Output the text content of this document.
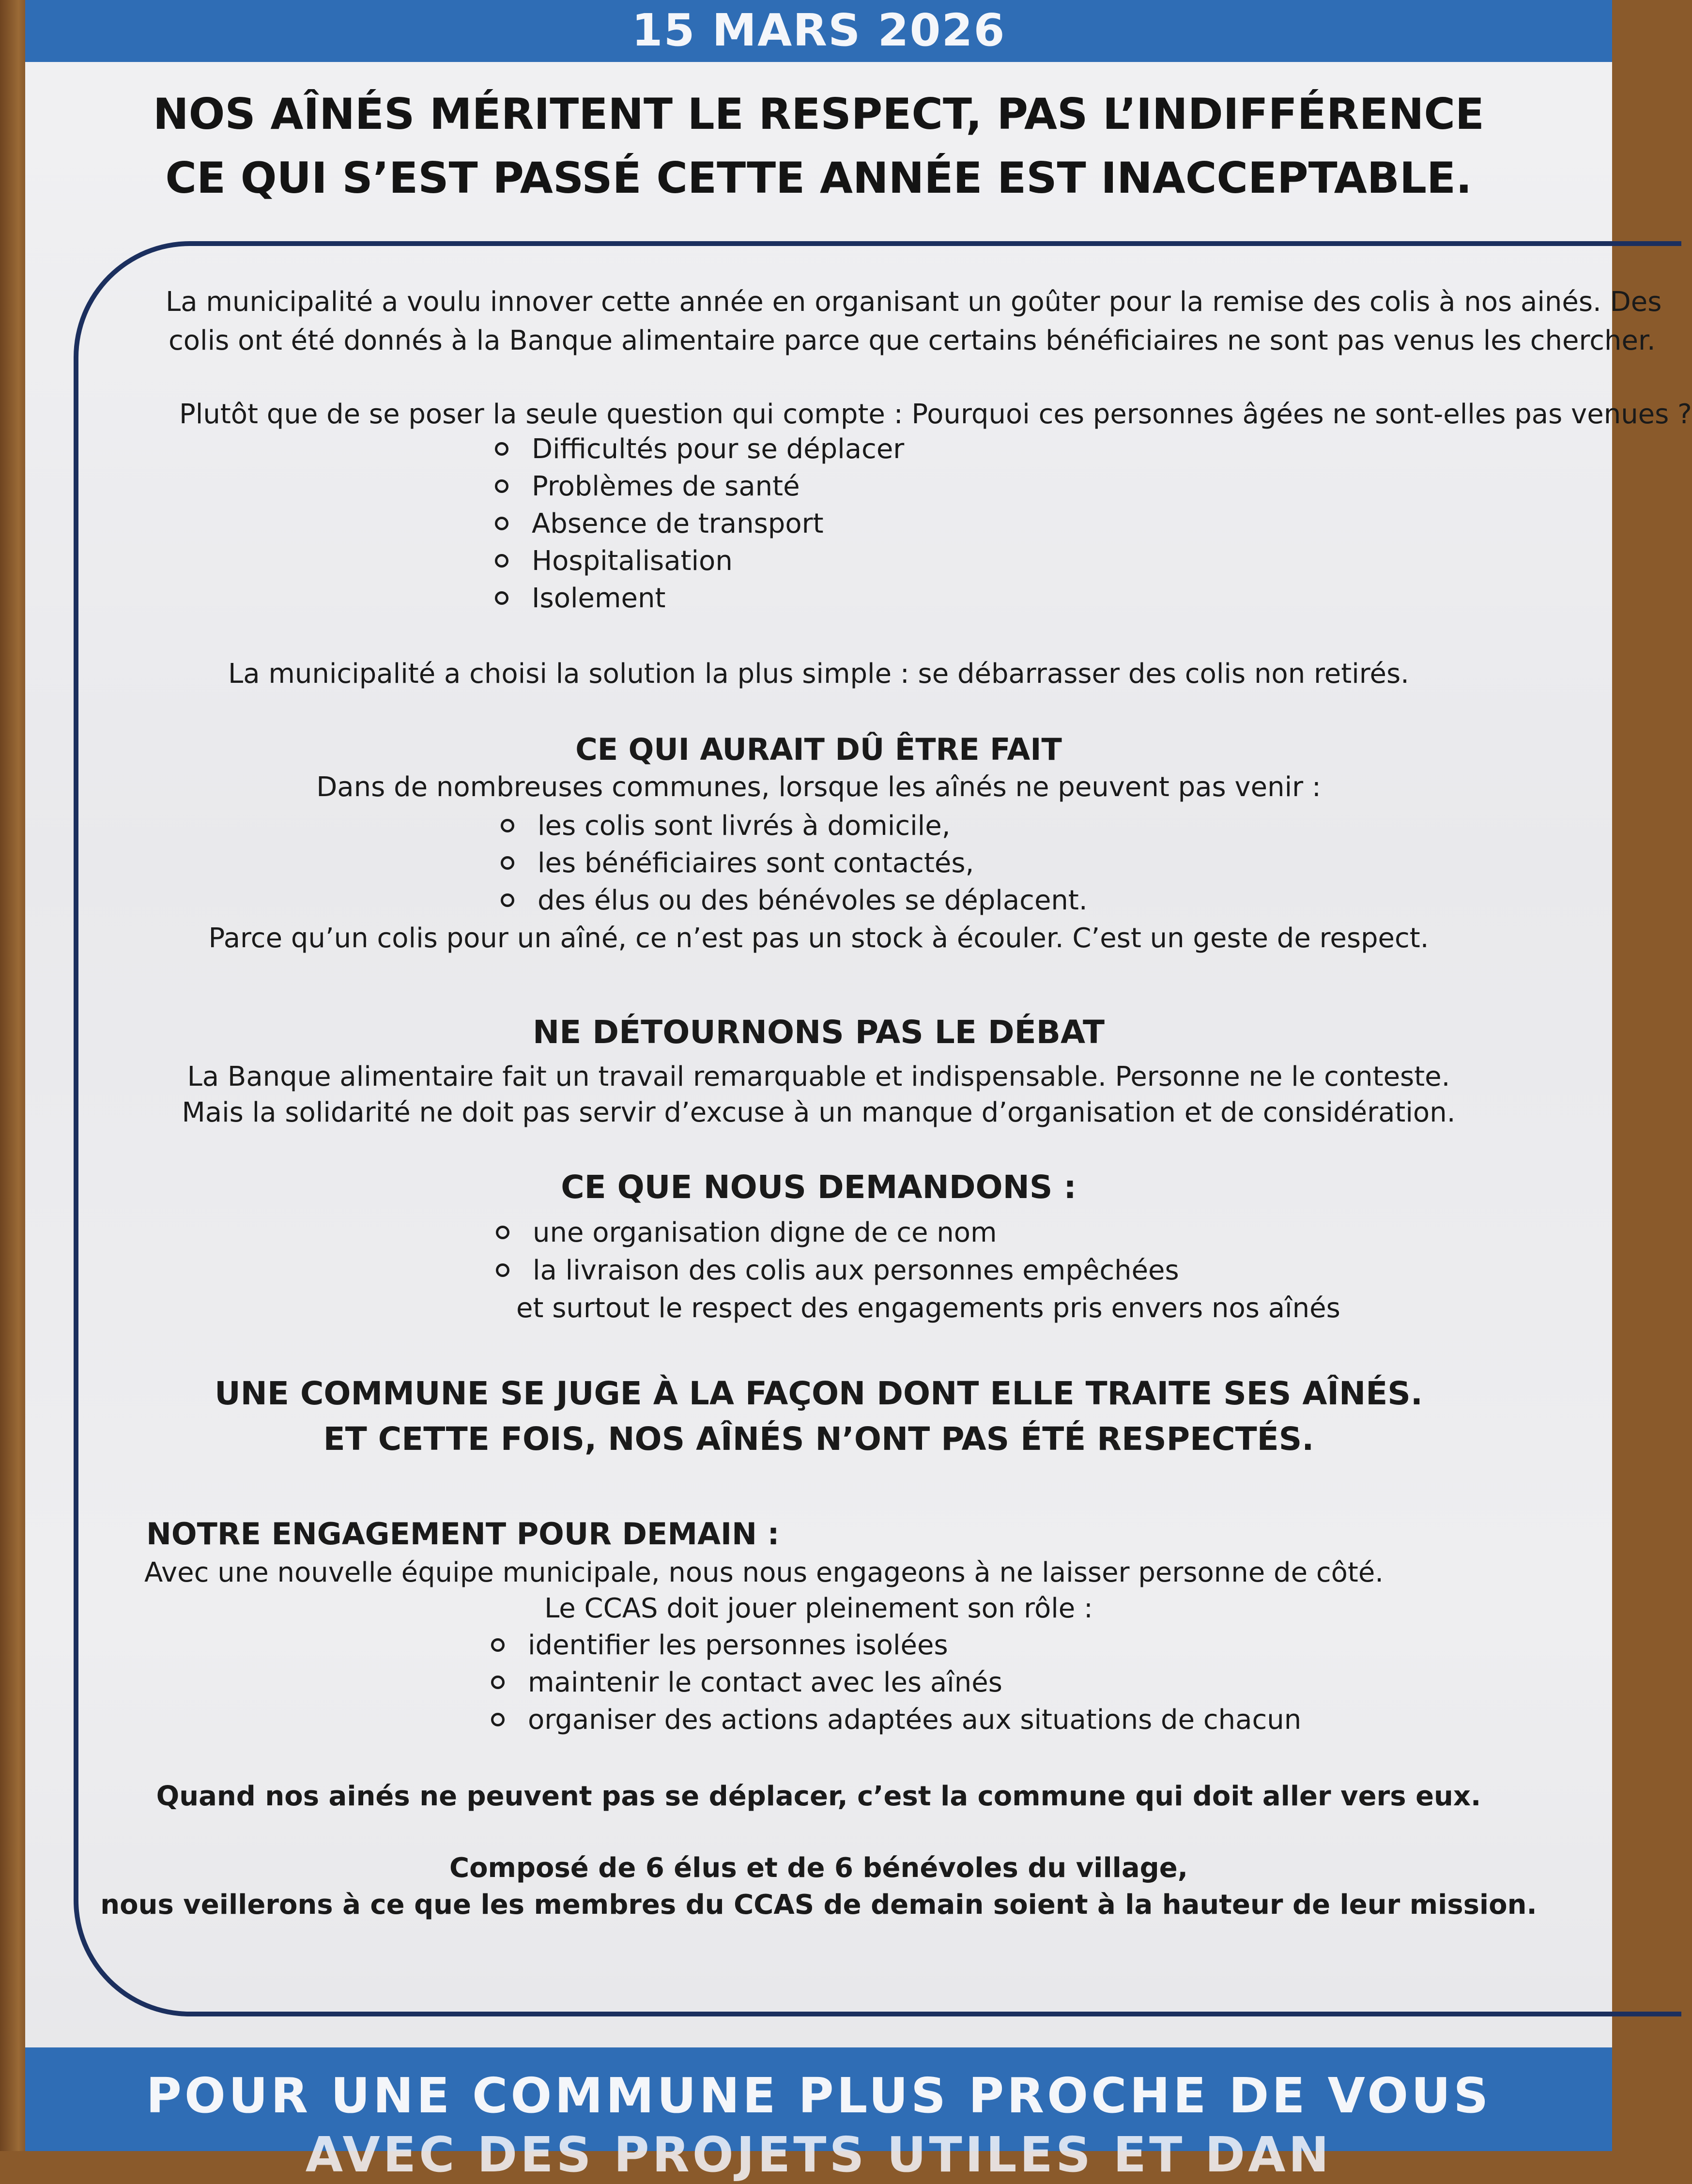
15 MARS 2026
NOS AÎNÉS MÉRITENT LE RESPECT, PAS L’INDIFFÉRENCE
CE QUI S’EST PASSÉ CETTE ANNÉE EST INACCEPTABLE.
La municipalité a voulu innover cette année en organisant un goûter pour la remise des colis à nos ainés. Des
colis ont été donnés à la Banque alimentaire parce que certains bénéficiaires ne sont pas venus les chercher.
Plutôt que de se poser la seule question qui compte : Pourquoi ces personnes âgées ne sont-elles pas venues ?
Difficultés pour se déplacer
Problèmes de santé
Absence de transport
Hospitalisation
Isolement
La municipalité a choisi la solution la plus simple : se débarrasser des colis non retirés.
CE QUI AURAIT DÛ ÊTRE FAIT
Dans de nombreuses communes, lorsque les aînés ne peuvent pas venir :
les colis sont livrés à domicile,
les bénéficiaires sont contactés,
des élus ou des bénévoles se déplacent.
Parce qu’un colis pour un aîné, ce n’est pas un stock à écouler. C’est un geste de respect.
NE DÉTOURNONS PAS LE DÉBAT
La Banque alimentaire fait un travail remarquable et indispensable. Personne ne le conteste.
Mais la solidarité ne doit pas servir d’excuse à un manque d’organisation et de considération.
CE QUE NOUS DEMANDONS :
une organisation digne de ce nom
la livraison des colis aux personnes empêchées
et surtout le respect des engagements pris envers nos aînés
UNE COMMUNE SE JUGE À LA FAÇON DONT ELLE TRAITE SES AÎNÉS.
ET CETTE FOIS, NOS AÎNÉS N’ONT PAS ÉTÉ RESPECTÉS.
NOTRE ENGAGEMENT POUR DEMAIN :
Avec une nouvelle équipe municipale, nous nous engageons à ne laisser personne de côté.
Le CCAS doit jouer pleinement son rôle :
identifier les personnes isolées
maintenir le contact avec les aînés
organiser des actions adaptées aux situations de chacun
Quand nos ainés ne peuvent pas se déplacer, c’est la commune qui doit aller vers eux.
Composé de 6 élus et de 6 bénévoles du village,
nous veillerons à ce que les membres du CCAS de demain soient à la hauteur de leur mission.
POUR UNE COMMUNE PLUS PROCHE DE VOUS
AVEC DES PROJETS UTILES ET DAN
